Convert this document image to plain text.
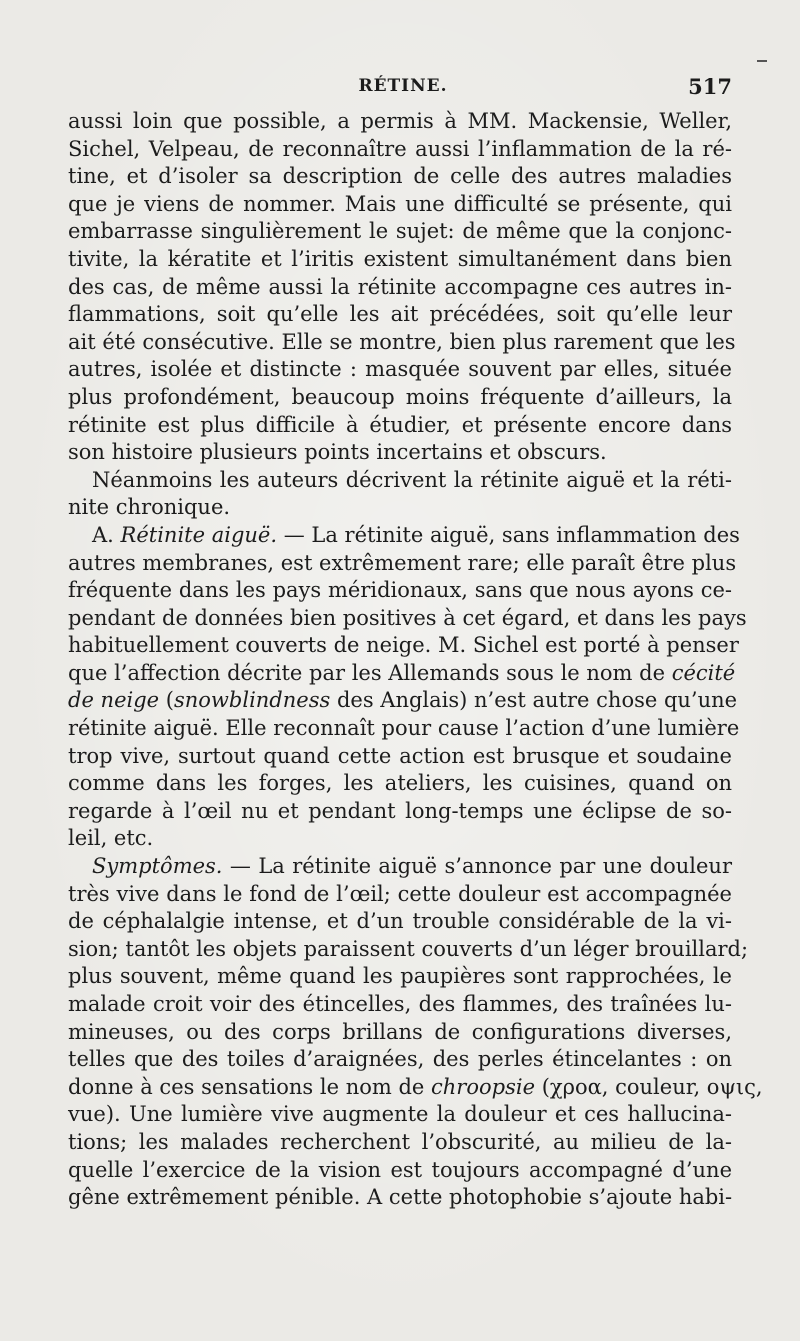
RÉTINE.	517
aussi loin que possible, a permis à MM. Mackensie, Weller,
Sichel, Velpeau, de reconnaître aussi l’inflammation de la ré-
tine, et d’isoler sa description de celle des autres maladies
que je viens de nommer. Mais une difficulté se présente, qui
embarrasse singulièrement le sujet: de même que la conjonc-
tivite, la kératite et l’iritis existent simultanément dans bien
des cas, de même aussi la rétinite accompagne ces autres in-
flammations, soit qu’elle les ait précédées, soit qu’elle leur
ait été consécutive. Elle se montre, bien plus rarement que les
autres, isolée et distincte : masquée souvent par elles, située
plus profondément, beaucoup moins fréquente d’ailleurs, la
rétinite est plus difficile à étudier, et présente encore dans
son histoire plusieurs points incertains et obscurs.
Néanmoins les auteurs décrivent la rétinite aiguë et la réti-
nite chronique.
A. Rétinite aiguë. — La rétinite aiguë, sans inflammation des
autres membranes, est extrêmement rare; elle paraît être plus
fréquente dans les pays méridionaux, sans que nous ayons ce-
pendant de données bien positives à cet égard, et dans les pays
habituellement couverts de neige. M. Sichel est porté à penser
que l’affection décrite par les Allemands sous le nom de cécité
de neige (snowblindness des Anglais) n’est autre chose qu’une
rétinite aiguë. Elle reconnaît pour cause l’action d’une lumière
trop vive, surtout quand cette action est brusque et soudaine
comme dans les forges, les ateliers, les cuisines, quand on
regarde à l’œil nu et pendant long-temps une éclipse de so-
leil, etc.
Symptômes. — La rétinite aiguë s’annonce par une douleur
très vive dans le fond de l’œil; cette douleur est accompagnée
de céphalalgie intense, et d’un trouble considérable de la vi-
sion; tantôt les objets paraissent couverts d’un léger brouillard;
plus souvent, même quand les paupières sont rapprochées, le
malade croit voir des étincelles, des flammes, des traînées lu-
mineuses, ou des corps brillans de configurations diverses,
telles que des toiles d’araignées, des perles étincelantes : on
donne à ces sensations le nom de chroopsie (χροα, couleur, οψις,
vue). Une lumière vive augmente la douleur et ces hallucina-
tions; les malades recherchent l’obscurité, au milieu de la-
quelle l’exercice de la vision est toujours accompagné d’une
gêne extrêmement pénible. A cette photophobie s’ajoute habi-
